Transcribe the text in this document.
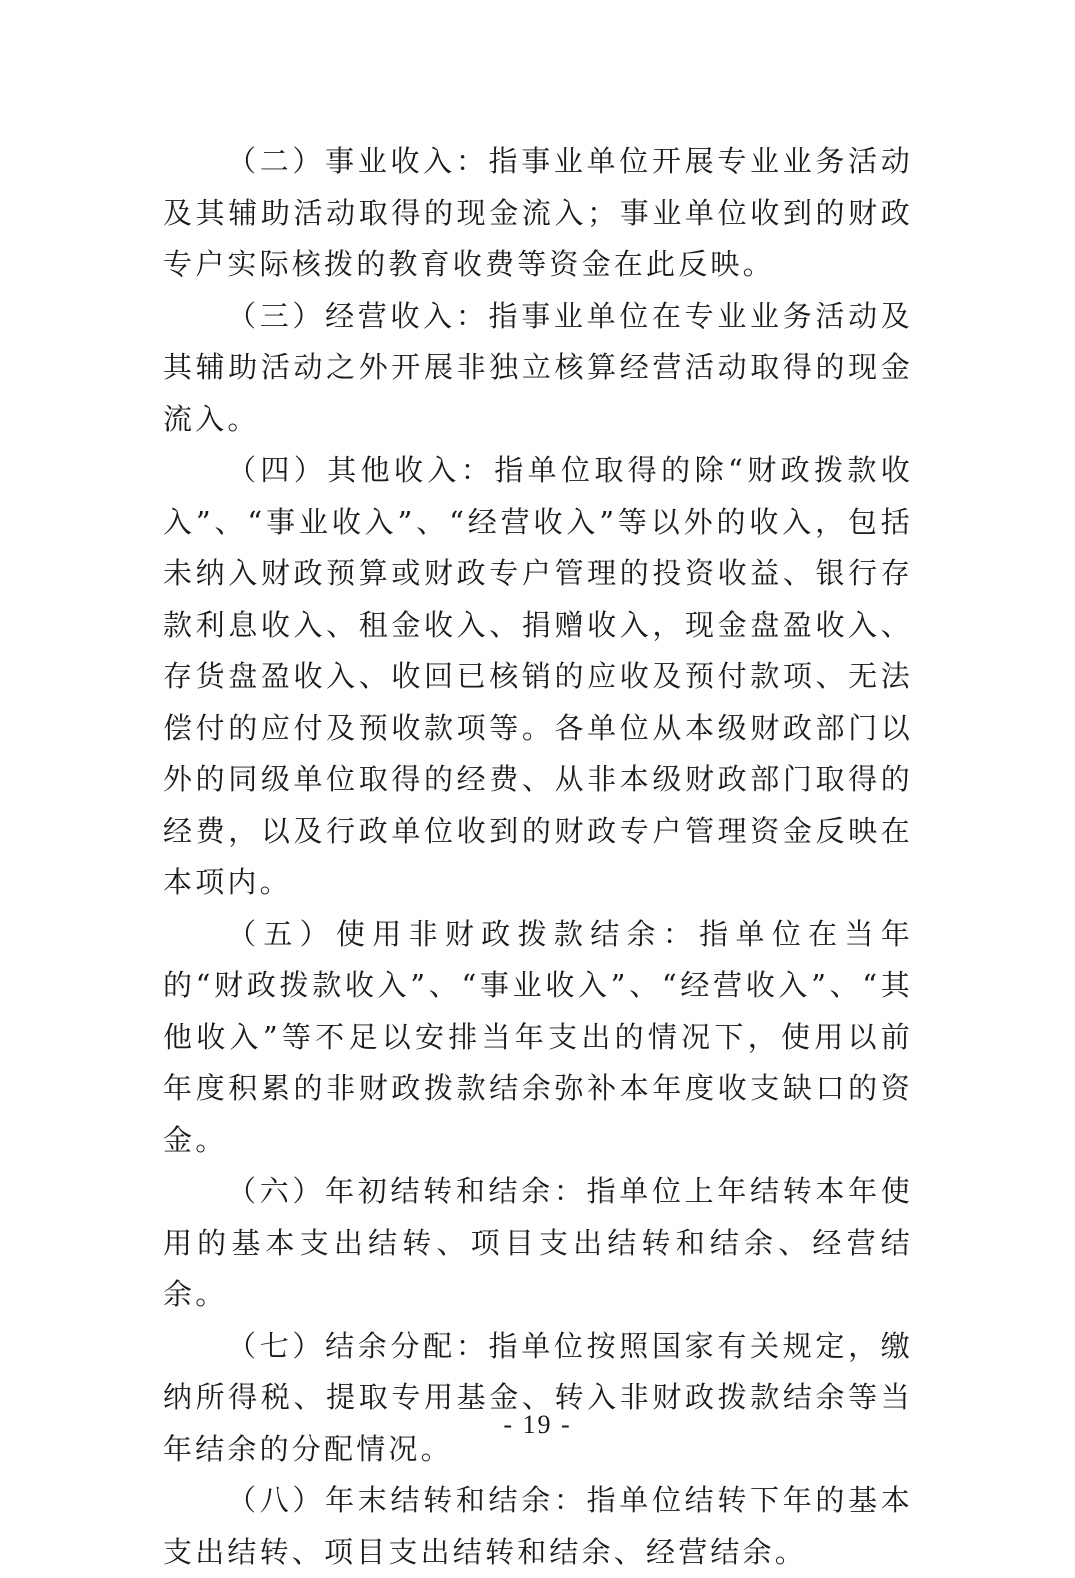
（二）事业收入：指事业单位开展专业业务活动及其辅助活动取得的现金流入；事业单位收到的财政专户实际核拨的教育收费等资金在此反映。

（三）经营收入：指事业单位在专业业务活动及其辅助活动之外开展非独立核算经营活动取得的现金流入。

（四）其他收入：指单位取得的除“财政拨款收入”、“事业收入”、“经营收入”等以外的收入，包括未纳入财政预算或财政专户管理的投资收益、银行存款利息收入、租金收入、捐赠收入，现金盘盈收入、存货盘盈收入、收回已核销的应收及预付款项、无法偿付的应付及预收款项等。各单位从本级财政部门以外的同级单位取得的经费、从非本级财政部门取得的经费，以及行政单位收到的财政专户管理资金反映在本项内。

（五）使用非财政拨款结余：指单位在当年的“财政拨款收入”、“事业收入”、“经营收入”、“其他收入”等不足以安排当年支出的情况下，使用以前年度积累的非财政拨款结余弥补本年度收支缺口的资金。

（六）年初结转和结余：指单位上年结转本年使用的基本支出结转、项目支出结转和结余、经营结余。

（七）结余分配：指单位按照国家有关规定，缴纳所得税、提取专用基金、转入非财政拨款结余等当年结余的分配情况。

（八）年末结转和结余：指单位结转下年的基本支出结转、项目支出结转和结余、经营结余。

- 19 -
